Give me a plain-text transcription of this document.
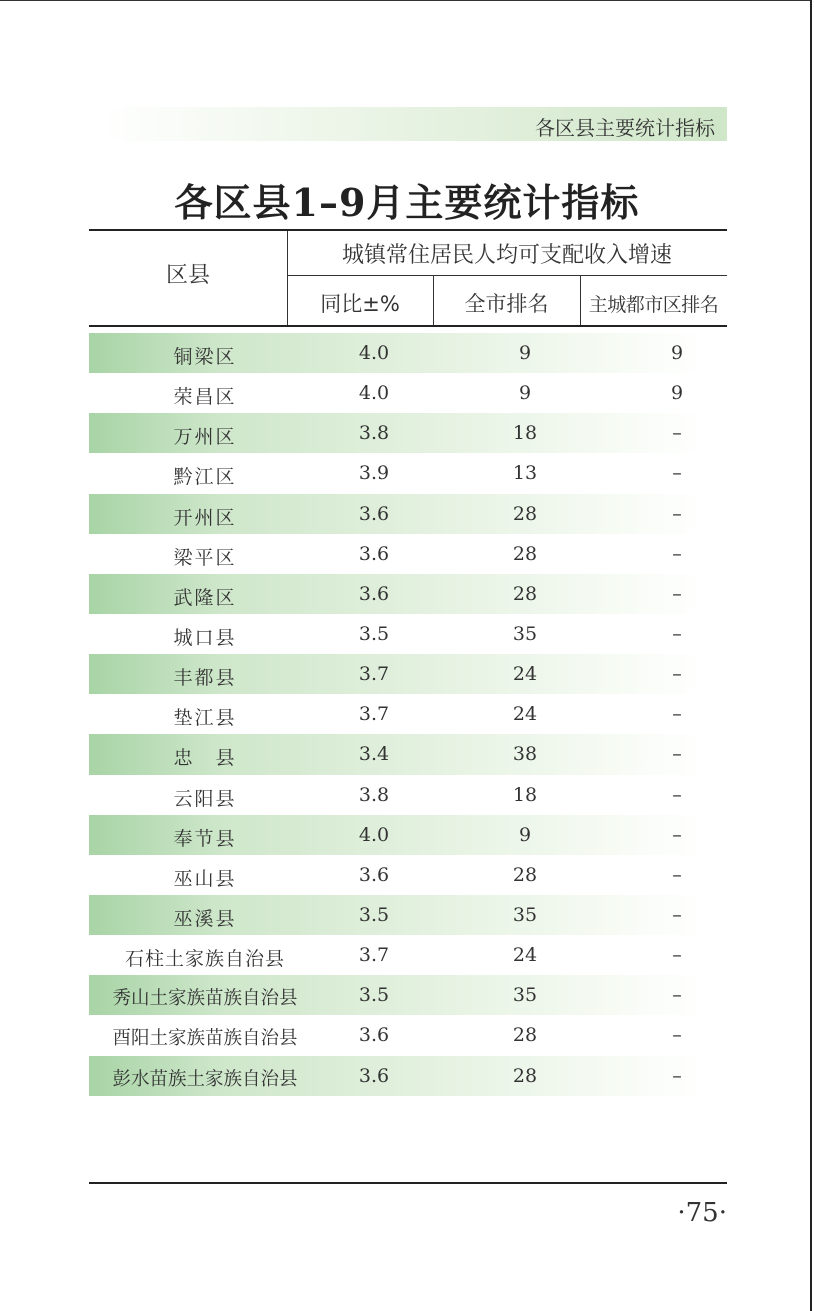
各区县主要统计指标
各区县1–9月主要统计指标
区县
城镇常住居民人均可支配收入增速
同比±%	全市排名	主城都市区排名
铜梁区	4.0	9	9
荣昌区	4.0	9	9
万州区	3.8	18	–
黔江区	3.9	13	–
开州区	3.6	28	–
梁平区	3.6	28	–
武隆区	3.6	28	–
城口县	3.5	35	–
丰都县	3.7	24	–
垫江县	3.7	24	–
忠　县	3.4	38	–
云阳县	3.8	18	–
奉节县	4.0	9	–
巫山县	3.6	28	–
巫溪县	3.5	35	–
石柱土家族自治县	3.7	24	–
秀山土家族苗族自治县	3.5	35	–
酉阳土家族苗族自治县	3.6	28	–
彭水苗族土家族自治县	3.6	28	–
·75·
